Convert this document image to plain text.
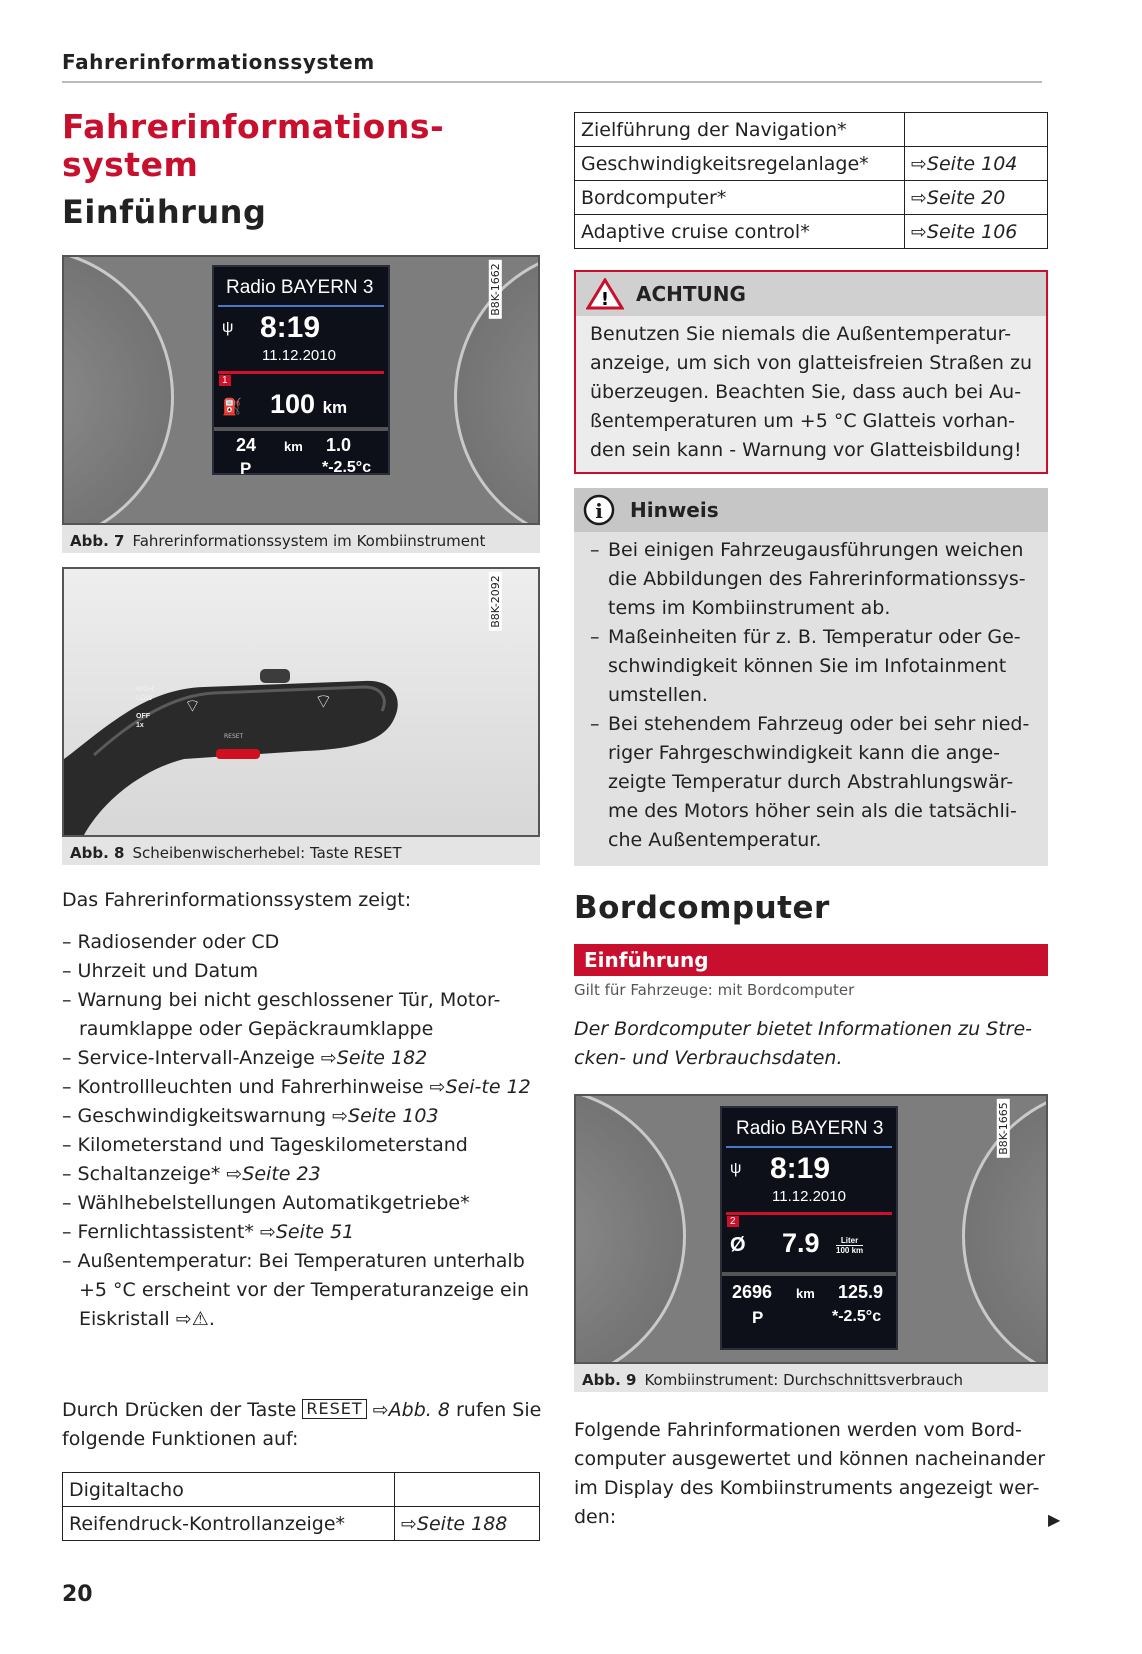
Fahrerinformationssystem
Fahrerinformations-
system
Einführung
Radio BAYERN 3
ψ 8:19
11.12.2010
1
⛽ 100 km
24 km 1.0
P	*-2.5°c
B8K-1662
Abb. 7 Fahrerinformationssystem im Kombiinstrument
HIGH
LOW

OFF
1x
⌔	⌔
RESET
B8K-2092
Abb. 8 Scheibenwischerhebel: Taste RESET
Das Fahrerinformationssystem zeigt:
– Radiosender oder CD
– Uhrzeit und Datum
– Warnung bei nicht geschlossener Tür, Motor-raumklappe oder Gepäckraumklappe
– Service-Intervall-Anzeige ⇨Seite 182
– Kontrollleuchten und Fahrerhinweise ⇨Sei-te 12
– Geschwindigkeitswarnung ⇨Seite 103
– Kilometerstand und Tageskilometerstand
– Schaltanzeige* ⇨Seite 23
– Wählhebelstellungen Automatikgetriebe*
– Fernlichtassistent* ⇨Seite 51
– Außentemperatur: Bei Temperaturen unterhalb +5 °C erscheint vor der Temperaturanzeige ein Eiskristall ⇨⚠.
Durch Drücken der Taste RESET ⇨Abb. 8 rufen Sie folgende Funktionen auf:
Digitaltacho	
Reifendruck-Kontrollanzeige*	⇨Seite 188
20
Zielführung der Navigation*	
Geschwindigkeitsregelanlage*	⇨Seite 104
Bordcomputer*	⇨Seite 20
Adaptive cruise control*	⇨Seite 106
! ACHTUNG
Benutzen Sie niemals die Außentemperatur-
anzeige, um sich von glatteisfreien Straßen zu
überzeugen. Beachten Sie, dass auch bei Au-
ßentemperaturen um +5 °C Glatteis vorhan-
den sein kann - Warnung vor Glatteisbildung!
i Hinweis
– Bei einigen Fahrzeugausführungen weichen
die Abbildungen des Fahrerinformationssys-
tems im Kombiinstrument ab.
– Maßeinheiten für z. B. Temperatur oder Ge-
schwindigkeit können Sie im Infotainment
umstellen.
– Bei stehendem Fahrzeug oder bei sehr nied-
riger Fahrgeschwindigkeit kann die ange-
zeigte Temperatur durch Abstrahlungswär-
me des Motors höher sein als die tatsächli-
che Außentemperatur.
Bordcomputer
Einführung
Gilt für Fahrzeuge: mit Bordcomputer
Der Bordcomputer bietet Informationen zu Stre-
cken- und Verbrauchsdaten.
Radio BAYERN 3
ψ 8:19
11.12.2010
2
Ø 7.9	Liter
100 km
2696 km 125.9
P	*-2.5°c
B8K-1665
Abb. 9 Kombiinstrument: Durchschnittsverbrauch
Folgende Fahrinformationen werden vom Bord-
computer ausgewertet und können nacheinander
im Display des Kombiinstruments angezeigt wer-
den:	▶
